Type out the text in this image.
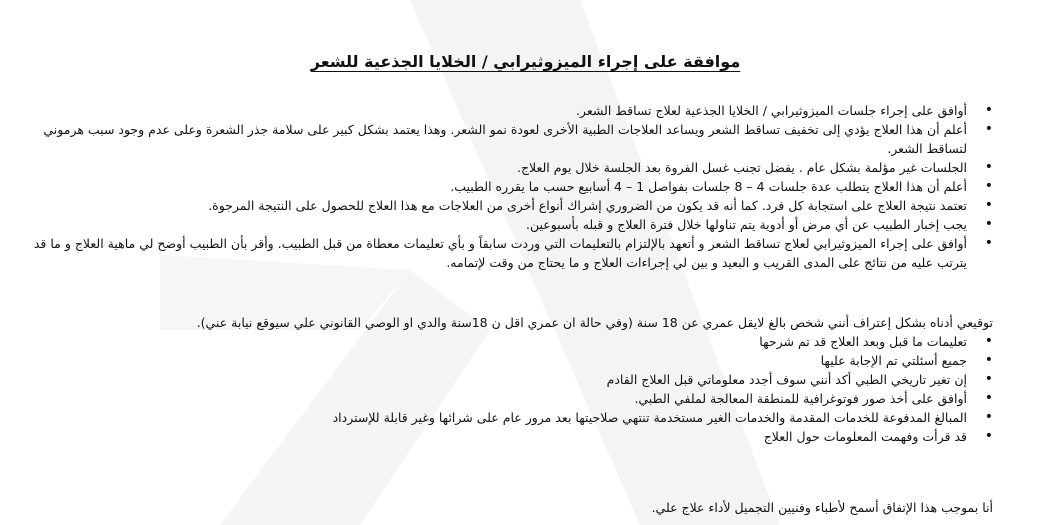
موافقة على إجراء الميزوثيرابي / الخلايا الجذعية للشعر
• أوافق على إجراء جلسات الميزوثيرابي / الخلايا الجذعية لعلاج تساقط الشعر.
• أعلم أن هذا العلاج يؤدي إلى تخفيف تساقط الشعر ويساعد العلاجات الطبية الأخرى لعودة نمو الشعر. وهذا يعتمد بشكل كبير على سلامة جذر الشعرة وعلى عدم وجود سبب هرموني لتساقط الشعر.
• الجلسات غير مؤلمة بشكل عام . يفضل تجنب غسل الفروة بعد الجلسة خلال يوم العلاج.
• أعلم أن هذا العلاج يتطلب عدة جلسات 4 – 8 جلسات بفواصل 1 – 4 أسابيع حسب ما يقرره الطبيب.
• تعتمد نتيجة العلاج على استجابة كل فرد. كما أنه قد يكون من الضروري إشراك أنواع أخرى من العلاجات مع هذا العلاج للحصول على النتيجة المرجوة.
• يجب إخبار الطبيب عن أي مرض أو أدوية يتم تناولها خلال فترة العلاج و قبله بأسبوعين.
• أوافق على إجراء الميزوثيرابي لعلاج تساقط الشعر و أتعهد بالإلتزام بالتعليمات التي وردت سابقاً و بأي تعليمات معطاة من قبل الطبيب. وأقر بأن الطبيب أوضح لي ماهية العلاج و ما قد يترتب عليه من نتائج على المدى القريب و البعيد و بين لي إجراءات العلاج و ما يحتاج من وقت لإتمامه.

توقيعي أدناه بشكل إعتراف أنني شخص بالغ لايقل عمري عن 18 سنة (وفي حالة ان عمري اقل ن 18سنة والدي او الوصي القانوني علي سيوقع نيابة عني).

• تعليمات ما قبل وبعد العلاج قد تم شرحها
• جميع أسئلتي تم الإجابة عليها
• إن تغير تاريخي الطبي أكد أنني سوف أجدد معلوماتي قبل العلاج القادم
• أوافق على أخذ صور فوتوغرافية للمنطقة المعالجة لملفي الطبي.
• المبالغ المدفوعة للخدمات المقدمة والخدمات الغير مستخدمة تنتهي صلاحيتها بعد مرور عام على شرائها وغير قابلة للإسترداد
• قد قرأت وفهمت المعلومات حول العلاج

أنا بموجب هذا الإتفاق أسمح لأطباء وفنيين التجميل لأداء علاج علي.
